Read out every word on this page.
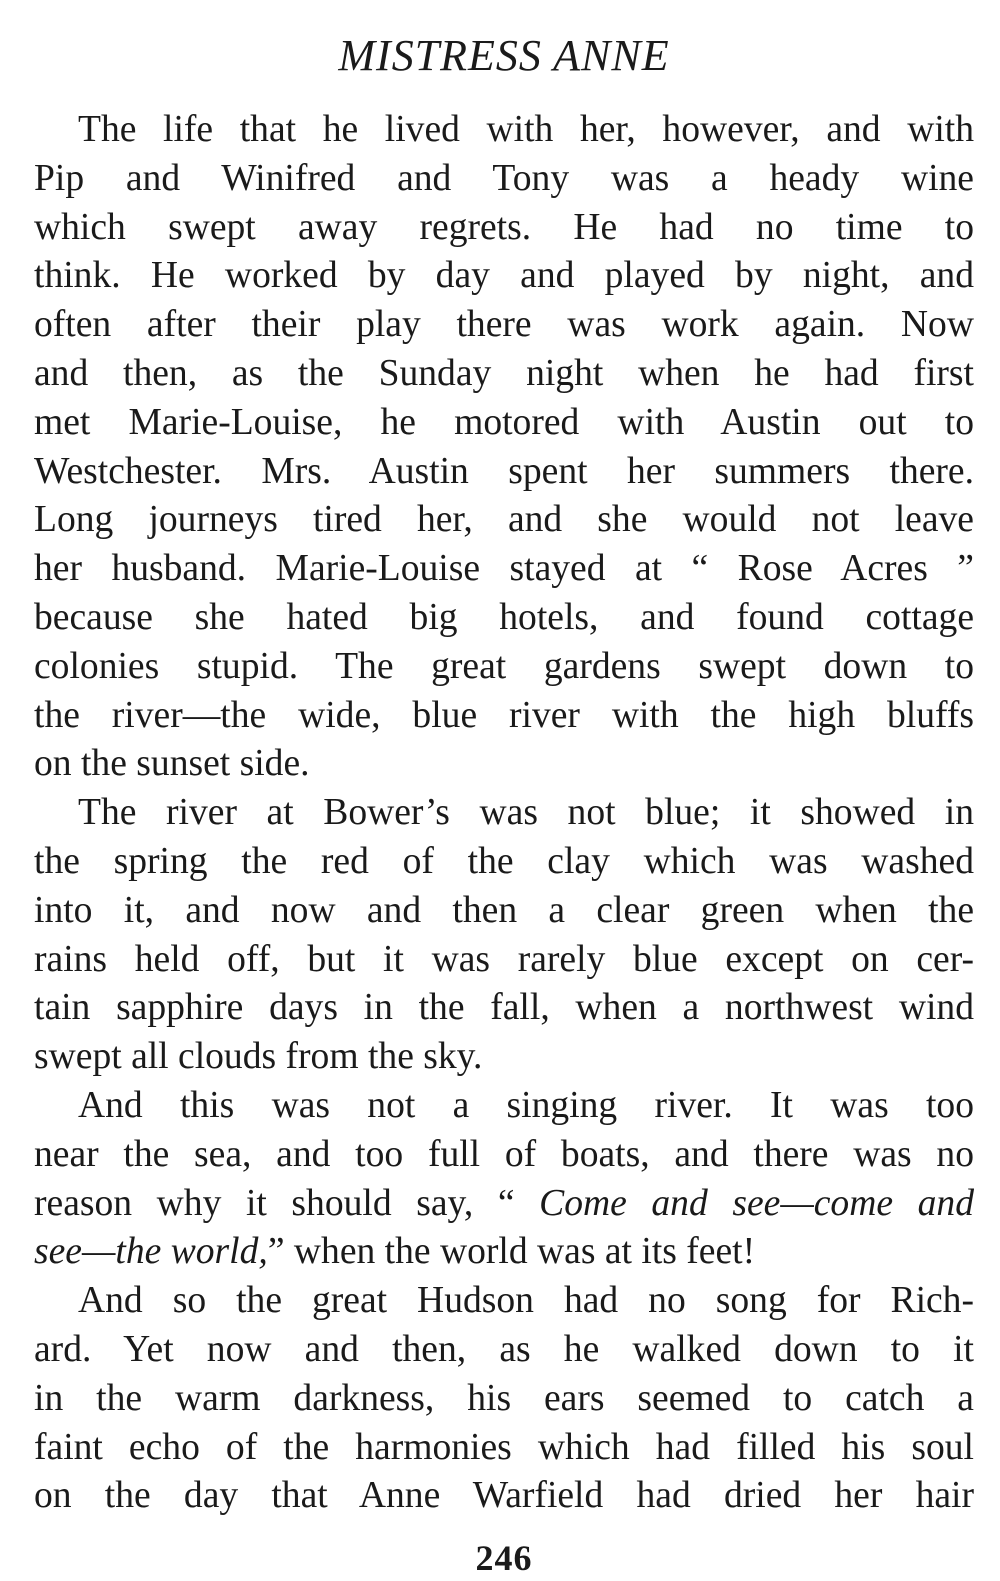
MISTRESS ANNE

The life that he lived with her, however, and with
Pip and Winifred and Tony was a heady wine
which swept away regrets. He had no time to
think. He worked by day and played by night, and
often after their play there was work again. Now
and then, as the Sunday night when he had first
met Marie-Louise, he motored with Austin out to
Westchester. Mrs. Austin spent her summers there.
Long journeys tired her, and she would not leave
her husband. Marie-Louise stayed at “ Rose Acres ”
because she hated big hotels, and found cottage
colonies stupid. The great gardens swept down to
the river—the wide, blue river with the high bluffs
on the sunset side.

The river at Bower’s was not blue; it showed in
the spring the red of the clay which was washed
into it, and now and then a clear green when the
rains held off, but it was rarely blue except on cer-
tain sapphire days in the fall, when a northwest wind
swept all clouds from the sky.

And this was not a singing river. It was too
near the sea, and too full of boats, and there was no
reason why it should say, “ Come and see—come and
see—the world,” when the world was at its feet!

And so the great Hudson had no song for Rich-
ard. Yet now and then, as he walked down to it
in the warm darkness, his ears seemed to catch a
faint echo of the harmonies which had filled his soul
on the day that Anne Warfield had dried her hair

246
